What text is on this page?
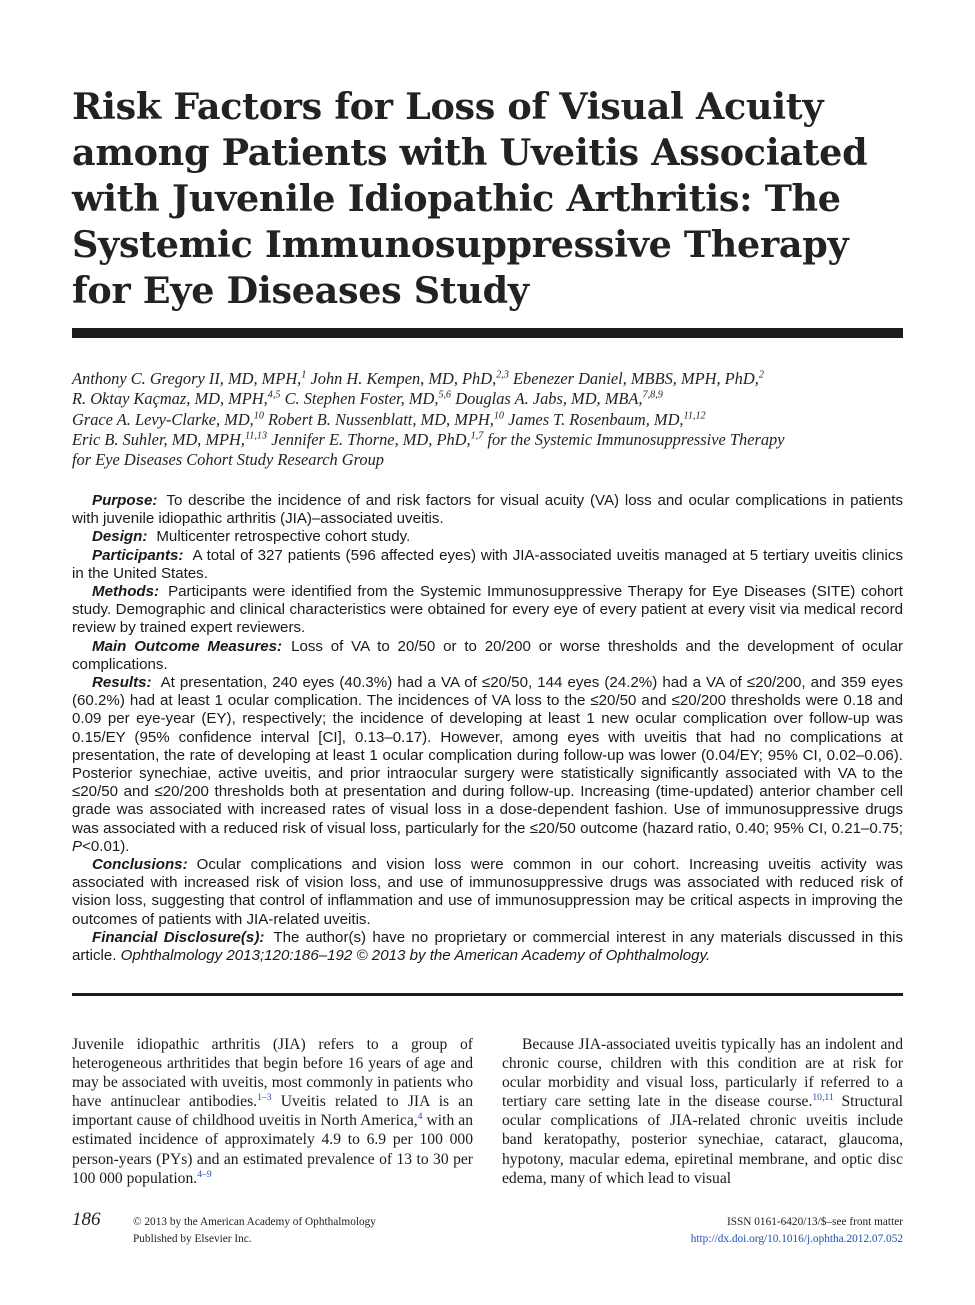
Risk Factors for Loss of Visual Acuity among Patients with Uveitis Associated with Juvenile Idiopathic Arthritis: The Systemic Immunosuppressive Therapy for Eye Diseases Study
Anthony C. Gregory II, MD, MPH,$^1$ John H. Kempen, MD, PhD,$^{2,3}$ Ebenezer Daniel, MBBS, MPH, PhD,$^2$
R. Oktay Kaçmaz, MD, MPH,$^{4,5}$ C. Stephen Foster, MD,$^{5,6}$ Douglas A. Jabs, MD, MBA,$^{7,8,9}$
Grace A. Levy-Clarke, MD,$^{10}$ Robert B. Nussenblatt, MD, MPH,$^{10}$ James T. Rosenbaum, MD,$^{11,12}$
Eric B. Suhler, MD, MPH,$^{11,13}$ Jennifer E. Thorne, MD, PhD,$^{1,7}$ for the Systemic Immunosuppressive Therapy
for Eye Diseases Cohort Study Research Group

Purpose: To describe the incidence of and risk factors for visual acuity (VA) loss and ocular complications in patients with juvenile idiopathic arthritis (JIA)–associated uveitis.

Design: Multicenter retrospective cohort study.

Participants: A total of 327 patients (596 affected eyes) with JIA-associated uveitis managed at 5 tertiary uveitis clinics in the United States.

Methods: Participants were identified from the Systemic Immunosuppressive Therapy for Eye Diseases (SITE) cohort study. Demographic and clinical characteristics were obtained for every eye of every patient at every visit via medical record review by trained expert reviewers.

Main Outcome Measures: Loss of VA to 20/50 or to 20/200 or worse thresholds and the development of ocular complications.

Results: At presentation, 240 eyes (40.3%) had a VA of ≤20/50, 144 eyes (24.2%) had a VA of ≤20/200, and 359 eyes (60.2%) had at least 1 ocular complication. The incidences of VA loss to the ≤20/50 and ≤20/200 thresholds were 0.18 and 0.09 per eye-year (EY), respectively; the incidence of developing at least 1 new ocular complication over follow-up was 0.15/EY (95% confidence interval [CI], 0.13–0.17). However, among eyes with uveitis that had no complications at presentation, the rate of developing at least 1 ocular complication during follow-up was lower (0.04/EY; 95% CI, 0.02–0.06). Posterior synechiae, active uveitis, and prior intraocular surgery were statistically significantly associated with VA to the ≤20/50 and ≤20/200 thresholds both at presentation and during follow-up. Increasing (time-updated) anterior chamber cell grade was associated with increased rates of visual loss in a dose-dependent fashion. Use of immunosuppressive drugs was associated with a reduced risk of visual loss, particularly for the ≤20/50 outcome (hazard ratio, 0.40; 95% CI, 0.21–0.75; P<0.01).

Conclusions: Ocular complications and vision loss were common in our cohort. Increasing uveitis activity was associated with increased risk of vision loss, and use of immunosuppressive drugs was associated with reduced risk of vision loss, suggesting that control of inflammation and use of immunosuppression may be critical aspects in improving the outcomes of patients with JIA-related uveitis.

Financial Disclosure(s): The author(s) have no proprietary or commercial interest in any materials discussed in this article. Ophthalmology 2013;120:186–192 © 2013 by the American Academy of Ophthalmology.

Juvenile idiopathic arthritis (JIA) refers to a group of heterogeneous arthritides that begin before 16 years of age and may be associated with uveitis, most commonly in patients who have antinuclear antibodies.$^{1-3}$ Uveitis related to JIA is an important cause of childhood uveitis in North America,$^4$ with an estimated incidence of approximately 4.9 to 6.9 per 100 000 person-years (PYs) and an estimated prevalence of 13 to 30 per 100 000 population.$^{4-9}$

Because JIA-associated uveitis typically has an indolent and chronic course, children with this condition are at risk for ocular morbidity and visual loss, particularly if referred to a tertiary care setting late in the disease course.$^{10,11}$ Structural ocular complications of JIA-related chronic uveitis include band keratopathy, posterior synechiae, cataract, glaucoma, hypotony, macular edema, epiretinal membrane, and optic disc edema, many of which lead to visual

186	© 2013 by the American Academy of Ophthalmology
Published by Elsevier Inc.
ISSN 0161-6420/13/$–see front matter
http://dx.doi.org/10.1016/j.ophtha.2012.07.052
